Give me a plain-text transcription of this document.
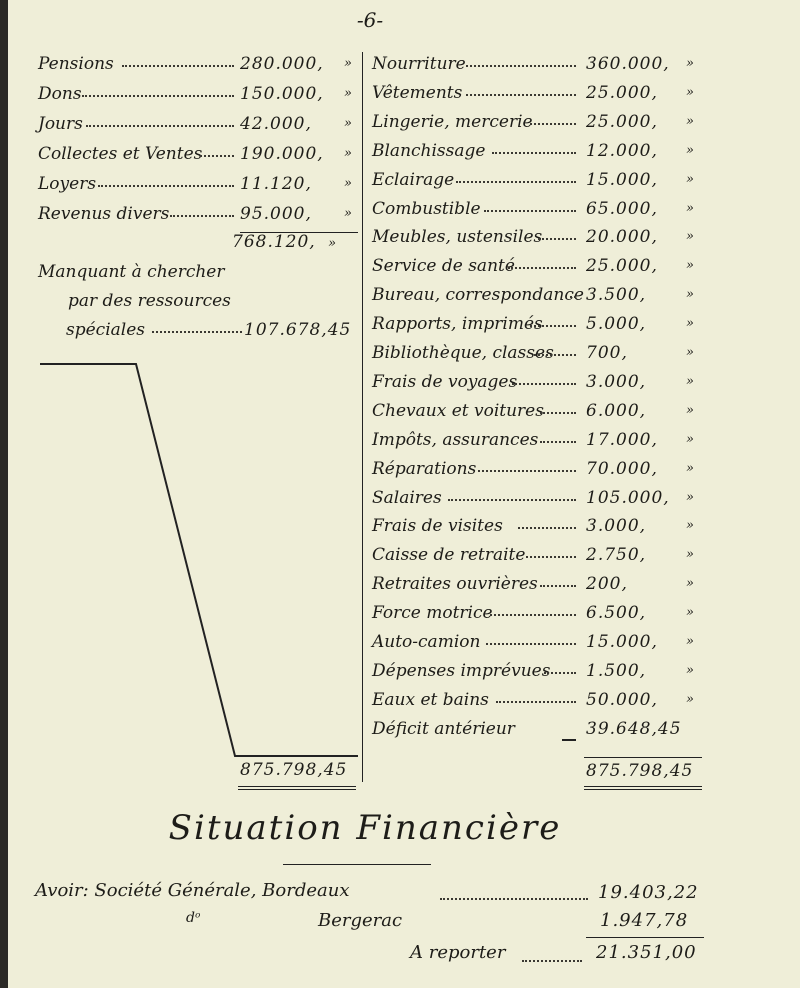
-6-
Pensions	280.000, »
Dons	150.000, »
Jours	42.000, »
Collectes et Ventes 190.000, »
Loyers	11.120, »
Revenus divers	95.000, »
768.120, »
Manquant à chercher
par des ressources
spéciales	107.678,45
875.798,45
Nourriture	360.000, »
Vêtements	25.000, »
Lingerie, mercerie	25.000, »
Blanchissage	12.000, »
Eclairage	15.000, »
Combustible	65.000, »
Meubles, ustensiles	20.000, »
Service de santé	25.000, »
Bureau, correspondance 3.500,	»
Rapports, imprimés	5.000,	»
Bibliothèque, classes 700,	»
Frais de voyages	3.000,	»
Chevaux et voitures 6.000,	»
Impôts, assurances	17.000, »
Réparations	70.000, »
Salaires	105.000, »
Frais de visites	3.000,	»
Caisse de retraite	2.750,	»
Retraites ouvrières	200,	»
Force motrice	6.500,	»
Auto-camion	15.000, »
Dépenses imprévues 1.500,	»
Eaux et bains	50.000, »
Déficit antérieur	39.648,45
875.798,45
Situation Financière
Avoir: Société Générale, Bordeaux	19.403,22
dᵒ	Bergerac	1.947,78
A reporter	21.351,00
